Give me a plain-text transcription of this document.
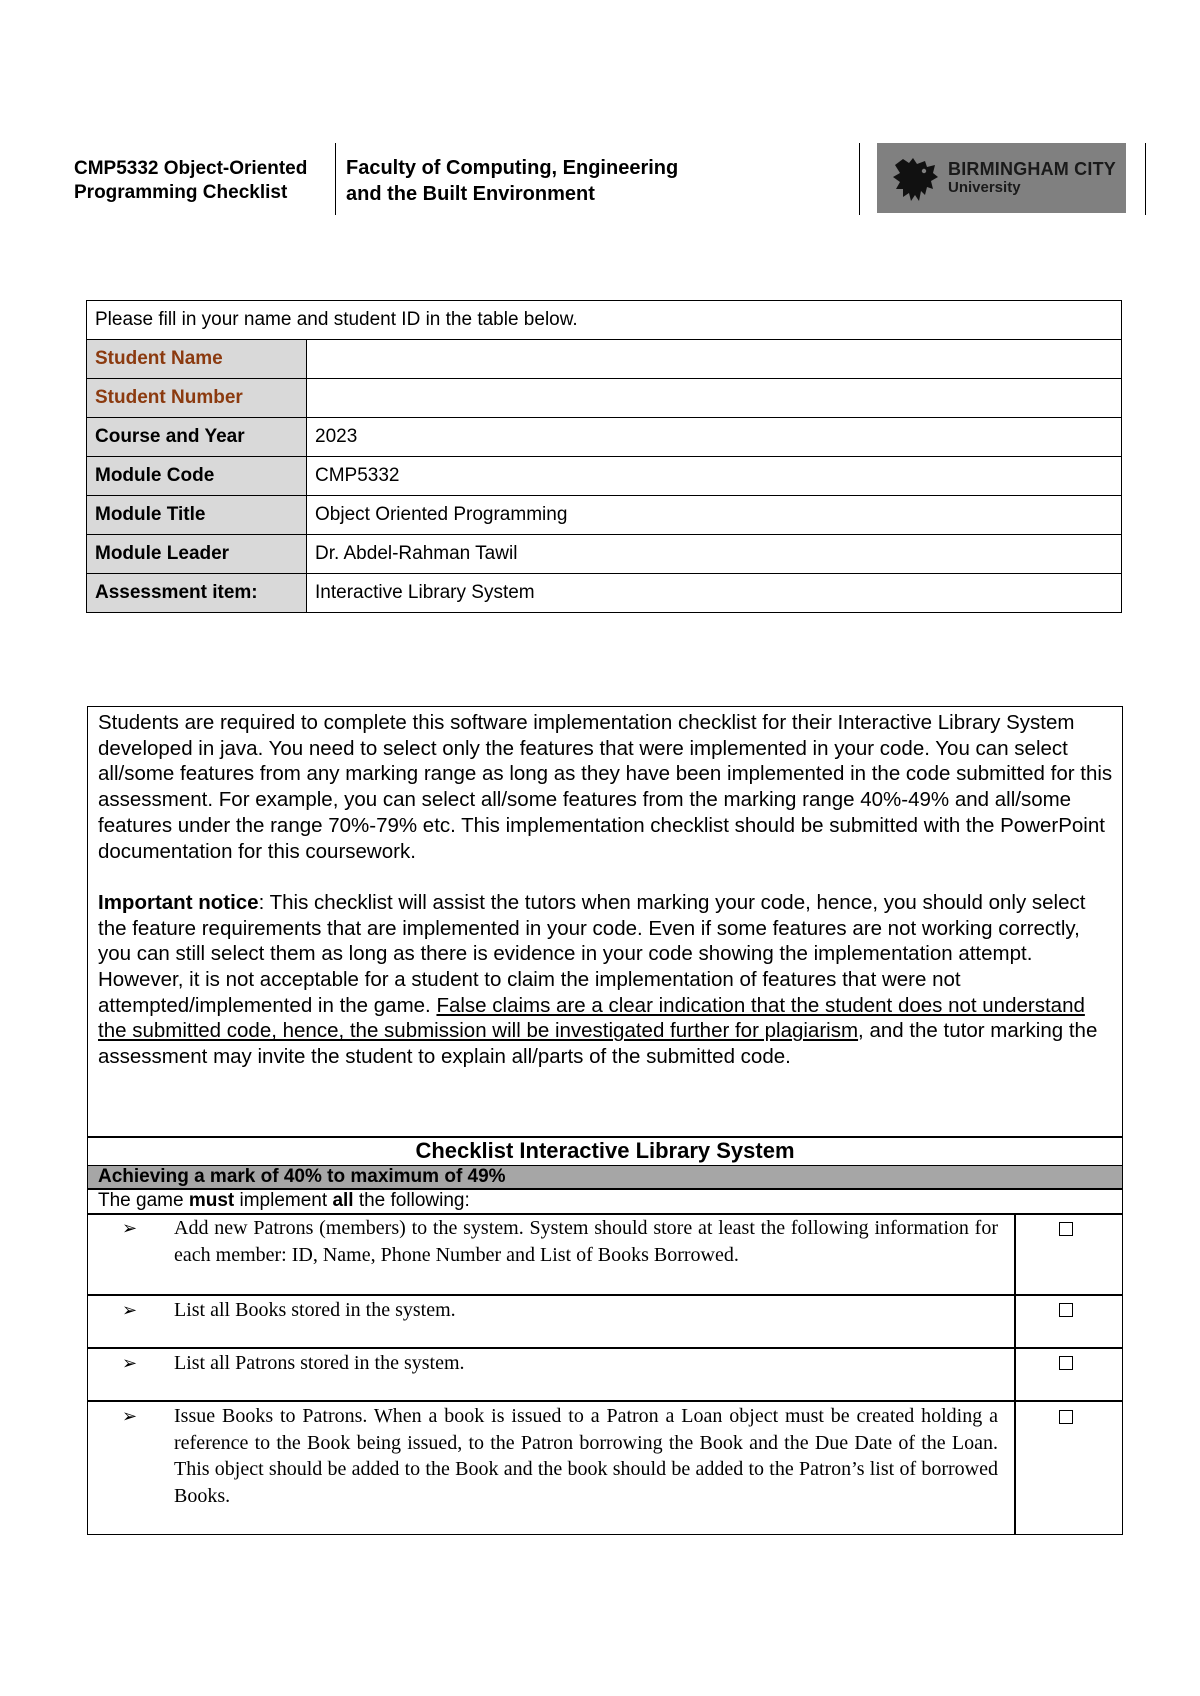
CMP5332 Object-Oriented
Programming Checklist
Faculty of Computing, Engineering
and the Built Environment
BIRMINGHAM CITY
University
Please fill in your name and student ID in the table below.	
Student Name	
Student Number	
Course and Year	2023
Module Code	CMP5332
Module Title	Object Oriented Programming
Module Leader	Dr. Abdel-Rahman Tawil
Assessment item:	Interactive Library System

Students are required to complete this software implementation checklist for their Interactive Library System developed in java. You need to select only the features that were implemented in your code. You can select all/some features from any marking range as long as they have been implemented in the code submitted for this assessment. For example, you can select all/some features from the marking range 40%-49% and all/some features under the range 70%-79% etc. This implementation checklist should be submitted with the PowerPoint documentation for this coursework.

Important notice: This checklist will assist the tutors when marking your code, hence, you should only select the feature requirements that are implemented in your code. Even if some features are not working correctly, you can still select them as long as there is evidence in your code showing the implementation attempt. However, it is not acceptable for a student to claim the implementation of features that were not attempted/implemented in the game. False claims are a clear indication that the student does not understand the submitted code, hence, the submission will be investigated further for plagiarism, and the tutor marking the assessment may invite the student to explain all/parts of the submitted code.

Checklist Interactive Library System
Achieving a mark of 40% to maximum of 49%
The game must implement all the following:
➢	Add new Patrons (members) to the system. System should store at least the following information for each member: ID, Name, Phone Number and List of Books Borrowed.
➢	List all Books stored in the system.
➢	List all Patrons stored in the system.
➢	Issue Books to Patrons. When a book is issued to a Patron a Loan object must be created holding a reference to the Book being issued, to the Patron borrowing the Book and the Due Date of the Loan. This object should be added to the Book and the book should be added to the Patron’s list of borrowed Books.
